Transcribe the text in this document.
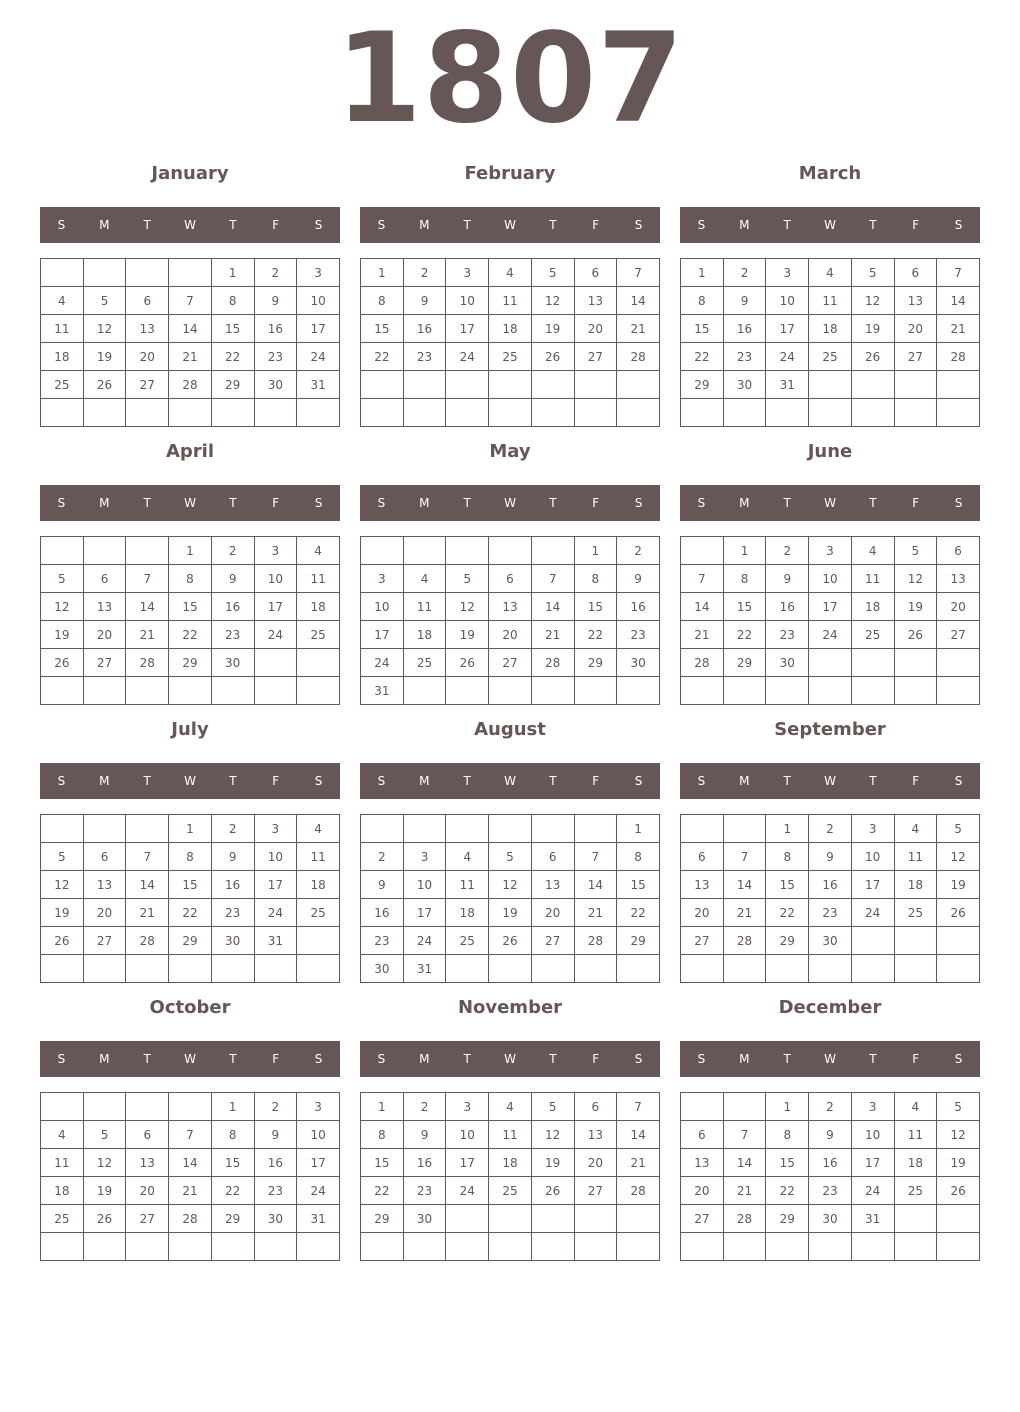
1807
January
S	M	T	W	T	F	S
				1	2	3
4	5	6	7	8	9	10
11	12	13	14	15	16	17
18	19	20	21	22	23	24
25	26	27	28	29	30	31

February
S	M	T	W	T	F	S
1	2	3	4	5	6	7
8	9	10	11	12	13	14
15	16	17	18	19	20	21
22	23	24	25	26	27	28

March
S	M	T	W	T	F	S
1	2	3	4	5	6	7
8	9	10	11	12	13	14
15	16	17	18	19	20	21
22	23	24	25	26	27	28
29	30	31				

April
S	M	T	W	T	F	S
			1	2	3	4
5	6	7	8	9	10	11
12	13	14	15	16	17	18
19	20	21	22	23	24	25
26	27	28	29	30		

May
S	M	T	W	T	F	S
					1	2
3	4	5	6	7	8	9
10	11	12	13	14	15	16
17	18	19	20	21	22	23
24	25	26	27	28	29	30
31						
June
S	M	T	W	T	F	S
	1	2	3	4	5	6
7	8	9	10	11	12	13
14	15	16	17	18	19	20
21	22	23	24	25	26	27
28	29	30				

July
S	M	T	W	T	F	S
			1	2	3	4
5	6	7	8	9	10	11
12	13	14	15	16	17	18
19	20	21	22	23	24	25
26	27	28	29	30	31	

August
S	M	T	W	T	F	S
						1
2	3	4	5	6	7	8
9	10	11	12	13	14	15
16	17	18	19	20	21	22
23	24	25	26	27	28	29
30	31					
September
S	M	T	W	T	F	S
		1	2	3	4	5
6	7	8	9	10	11	12
13	14	15	16	17	18	19
20	21	22	23	24	25	26
27	28	29	30			

October
S	M	T	W	T	F	S
				1	2	3
4	5	6	7	8	9	10
11	12	13	14	15	16	17
18	19	20	21	22	23	24
25	26	27	28	29	30	31

November
S	M	T	W	T	F	S
1	2	3	4	5	6	7
8	9	10	11	12	13	14
15	16	17	18	19	20	21
22	23	24	25	26	27	28
29	30					

December
S	M	T	W	T	F	S
		1	2	3	4	5
6	7	8	9	10	11	12
13	14	15	16	17	18	19
20	21	22	23	24	25	26
27	28	29	30	31		
